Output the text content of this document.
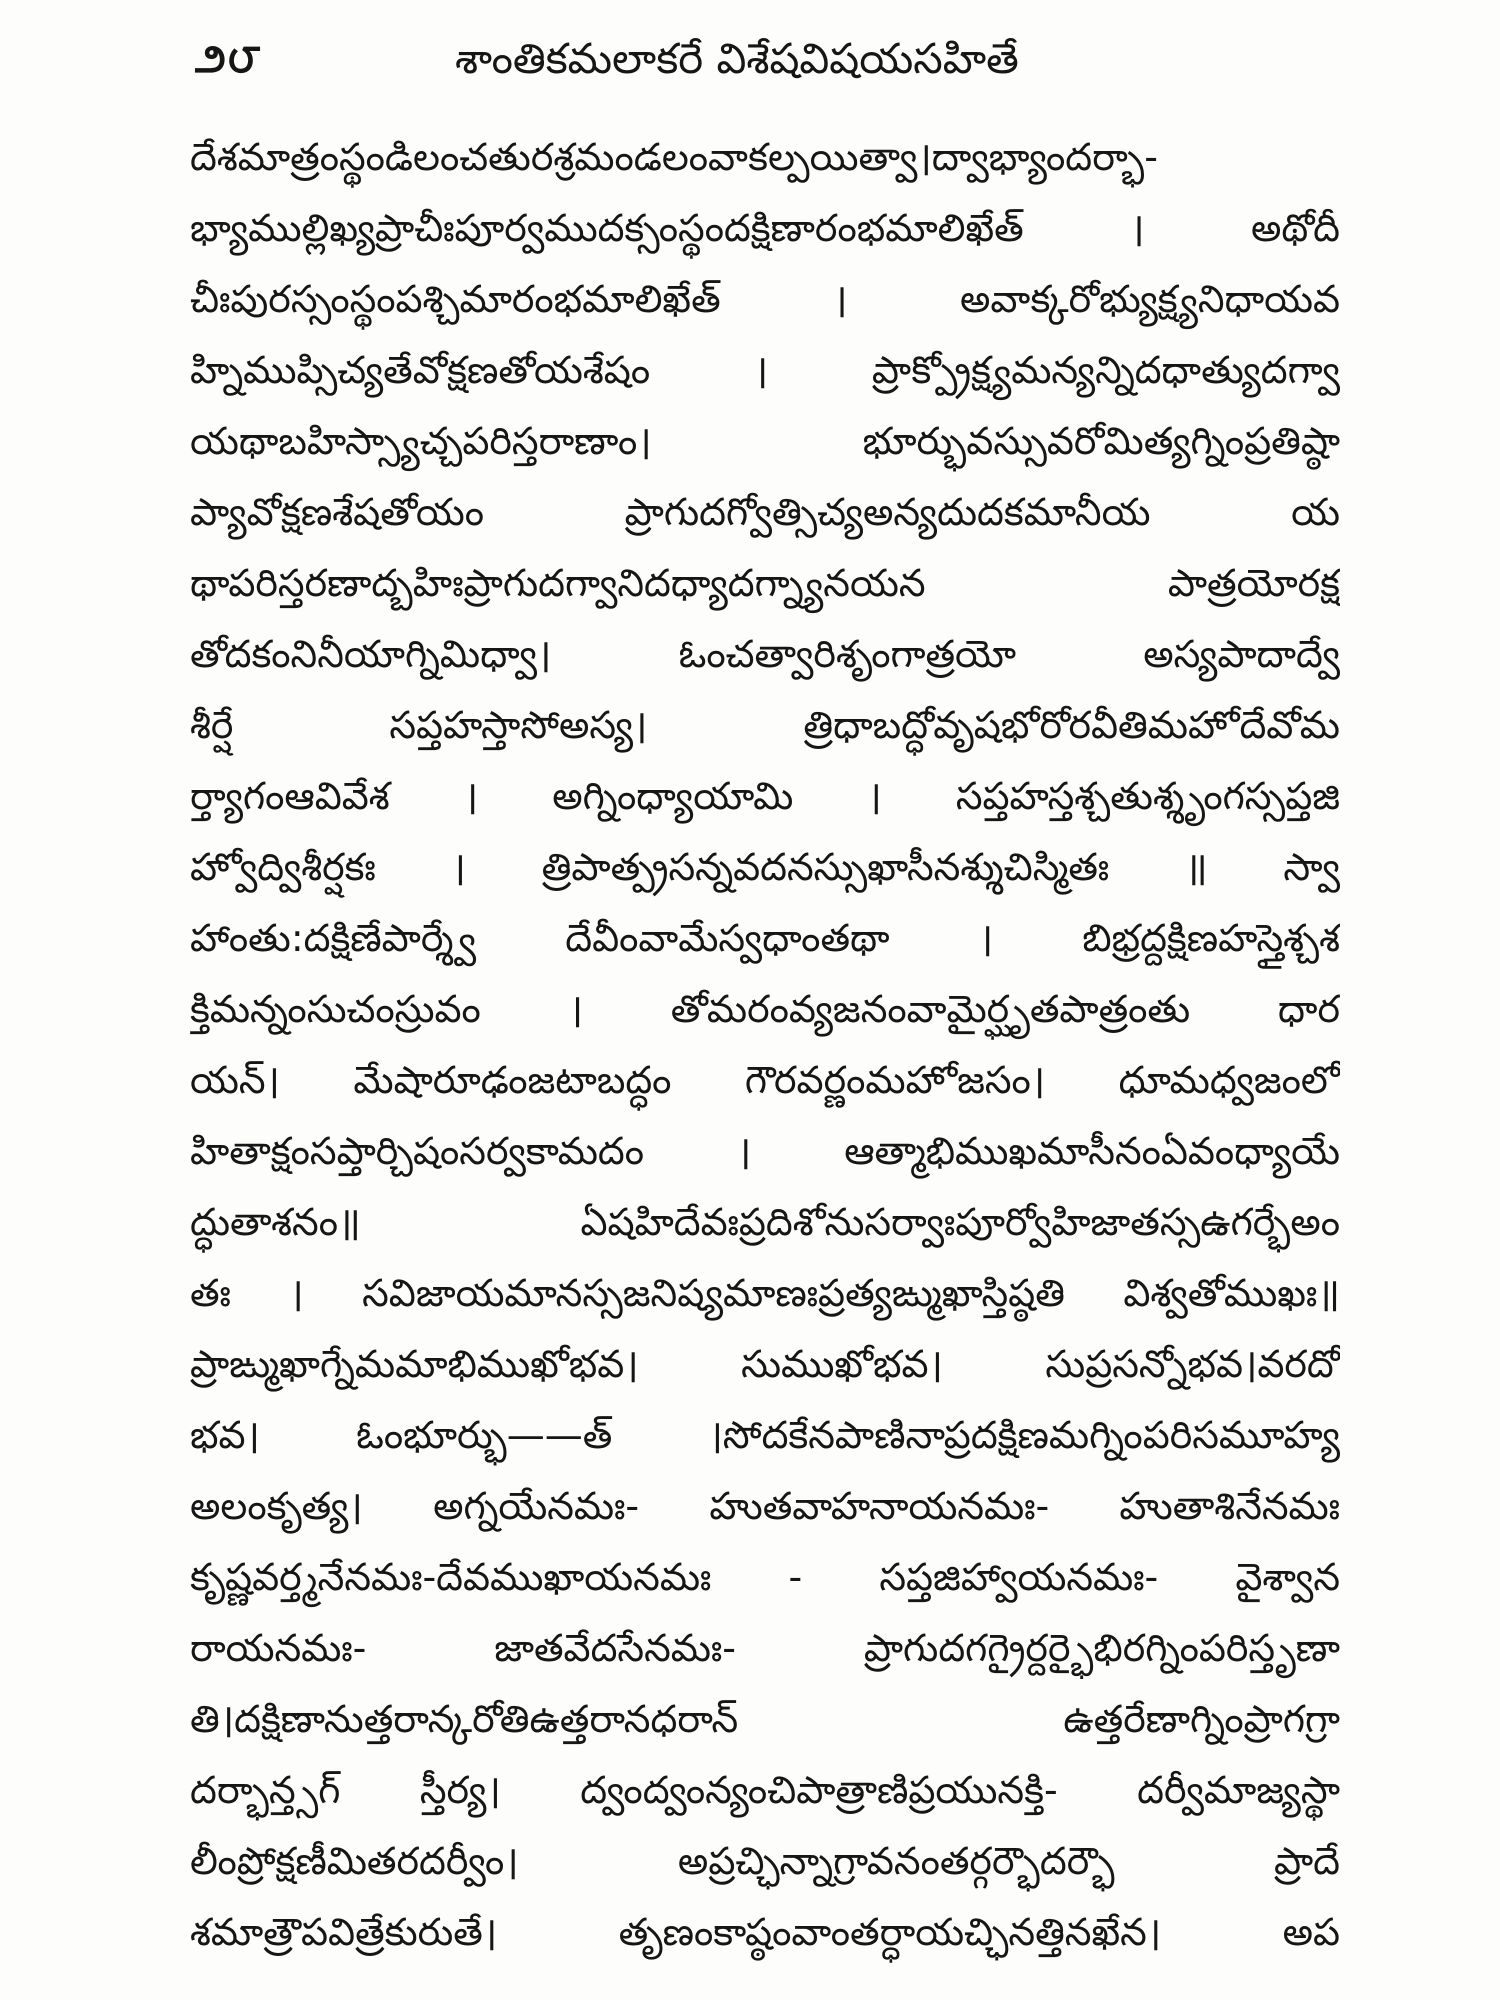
౨౮	శాంతికమలాకరే విశేషవిషయసహితే
దేశమాత్రంస్థండిలంచతురశ్రమండలంవాకల్పయిత్వా।ద్వాభ్యాందర్భా-
భ్యాముల్లిఖ్యప్రాచీఃపూర్వముదక్సంస్థందక్షిణారంభమాలిఖేత్ । అథోదీ
చీఃపురస్సంస్థంపశ్చిమారంభమాలిఖేత్ । అవాక్కరోభ్యుక్ష్యనిధాయవ
హ్నిముప్సిచ్యతేవోక్షణతోయశేషం । ప్రాక్ప్రోక్ష్యమన్యన్నిదధాత్యుదగ్వా
యథాబహిస్స్యాచ్చపరిస్తరాణాం। భూర్భువస్సువరోమిత్యగ్నింప్రతిష్ఠా
ప్యావోక్షణశేషతోయం ప్రాగుదగ్వోత్సిచ్యఅన్యదుదకమానీయ య
థాపరిస్తరణాద్బహిఃప్రాగుదగ్వానిదధ్యాదగ్న్యానయన పాత్రయోరక్ష
తోదకంనినీయాగ్నిమిధ్వా। ఓంచత్వారిశృంగాత్రయో అస్యపాదాద్వే
శీర్షే సప్తహస్తాసోఅస్య। త్రిధాబద్ధోవృషభోరోరవీతిమహోదేవోమ
ర్త్యాగంఆవివేశ । అగ్నింధ్యాయామి । సప్తహస్తశ్చతుశ్శృంగస్సప్తజి
హ్వోద్విశీర్షకః । త్రిపాత్ప్రసన్నవదనస్సుఖాసీనశ్శుచిస్మితః ॥ స్వా
హాంతు:దక్షిణేపార్శ్వే దేవీంవామేస్వధాంతథా । బిభ్రద్దక్షిణహస్తైశ్చశ
క్తిమన్నంసుచంస్రువం । తోమరంవ్యజనంవామైర్ఘృతపాత్రంతు ధార
యన్। మేషారూఢంజటాబద్ధం గౌరవర్ణంమహోజసం। ధూమధ్వజంలో
హితాక్షంసప్తార్చిషంసర్వకామదం । ఆత్మాభిముఖమాసీనంఏవంధ్యాయే
ద్ధుతాశనం॥ ఏషహిదేవఃప్రదిశోనుసర్వాఃపూర్వోహిజాతస్సఉగర్భేఅం
తః । సవిజాయమానస్సజనిష్యమాణఃప్రత్యఙ్ముఖాస్తిష్ఠతి విశ్వతోముఖః॥
ప్రాఙ్ముఖాగ్నేమమాభిముఖోభవ। సుముఖోభవ। సుప్రసన్నోభవ।వరదో
భవ। ఓంభూర్భు——త్ ।సోదకేనపాణినాప్రదక్షిణమగ్నింపరిసమూహ్య
అలంకృత్య। అగ్నయేనమః- హుతవాహనాయనమః- హుతాశినేనమః
కృష్ణవర్త్మనేనమః-దేవముఖాయనమః - సప్తజిహ్వాయనమః- వైశ్వాన
రాయనమః- జాతవేదసేనమః- ప్రాగుదగగ్రైర్దర్భైభిరగ్నింపరిస్తృణా
తి।దక్షిణానుత్తరాన్కరోతిఉత్తరానధరాన్ ఉత్తరేణాగ్నింప్రాగగ్రా
దర్భాన్త్సగ్ స్తీర్య। ద్వంద్వంన్యంచిపాత్రాణిప్రయునక్తి- దర్వీమాజ్యస్థా
లీంప్రోక్షణీమితరదర్వీం। అప్రచ్ఛిన్నాగ్రావనంతర్గర్భౌదర్భౌ ప్రాదే
శమాత్రౌపవిత్రేకురుతే। తృణంకాష్ఠంవాంతర్ధాయచ్ఛినత్తినఖేన। అప
